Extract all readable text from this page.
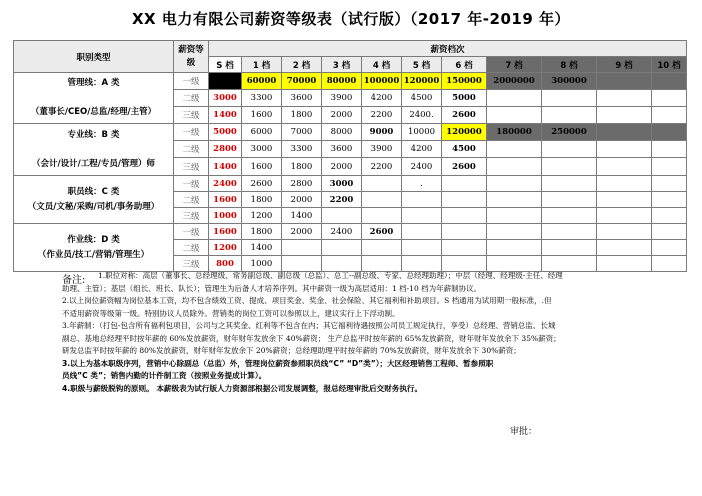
XX 电力有限公司薪资等级表（试行版）（2017 年-2019 年）
职别类型	薪资等级	薪资档次										
		S 档	1 档	2 档	3 档	4 档	5 档	6 档	7 档	8 档	9 档	10 档

管理线：A 类
（董事长/CEO/总监/经理/主管）	一级		60000	70000	80000	100000	120000	150000	2000000	300000		
	二级	3000	3300	3600	3900	4200	4500	5000				
	三级	1400	1600	1800	2000	2200	2400.	2600				

专业线：B 类
（会计/设计/工程/专员/管理）师	一级	5000	6000	7000	8000	9000	10000	120000	180000	250000		
	二级	2800	3000	3300	3600	3900	4200	4500				
	三级	1400	1600	1800	2000	2200	2400	2600				

职员线：C 类
（文员/文秘/采购/司机/事务助理）	一级	2400	2600	2800	3000		.					
	二级	1600	1800	2000	2200							
	三级	1000	1200	1400								

作业线：D 类
（作业员/技工/营销/管理生）	一级	1600	1800	2000	2400	2600						
	二级	1200	1400									
	三级	800	1000									
备注:	1.职位对称：高层（董事长、总经理级、常务副总级、副总级（总监）、总工--副总级、专家、总经理助理）；中层（经理、经理级-主任、经理

助理、主管）；基层（组长、班长、队长）；管理生为后备人才培养序列。其中薪资一级为高层适用：1 档-10 档为年薪制协议。

2.以上岗位薪资幅为岗位基本工资，均不包含绩效工资、提成、项目奖金、奖金、社会保险、其它福利和补助项目。S 档通用为试用期一般标准，.但

不适用薪资等级第一级。特别协议人员除外。营销类的岗位工资可以参照以上，建议实行上下浮动制。

3.年薪制：（打包-包含所有福利包项目，公司与之其奖金、红利等不包含在内；其它福利待遇按照公司员工规定执行，享受）总经理、营销总监、长城

副总、基地总经理平时按年薪的 60%发放薪资，财年财年发放余下 40%薪资； 生产总监平时按年薪的 65%发放薪资，财年财年发放余下 35%薪资；

研发总监平时按年薪的 80%发放薪资，财年财年发放余下 20%薪资；总经理助理平时按年薪的 70%发放薪资，财年发放余下 30%薪资；

3.以上为基本职级序列，营销中心除副总（总监）外，管理岗位薪资参照职员线“C” “D”类”）；大区经理销售工程师、暂参照职

员线”C 类”；销售内勤的计件制工资（按照业务提成计算）。

4.职级与薪级脱钩的原则。 本薪级表为试行版人力资源部根据公司发展调整，报总经理审批后交财务执行。

审批：
